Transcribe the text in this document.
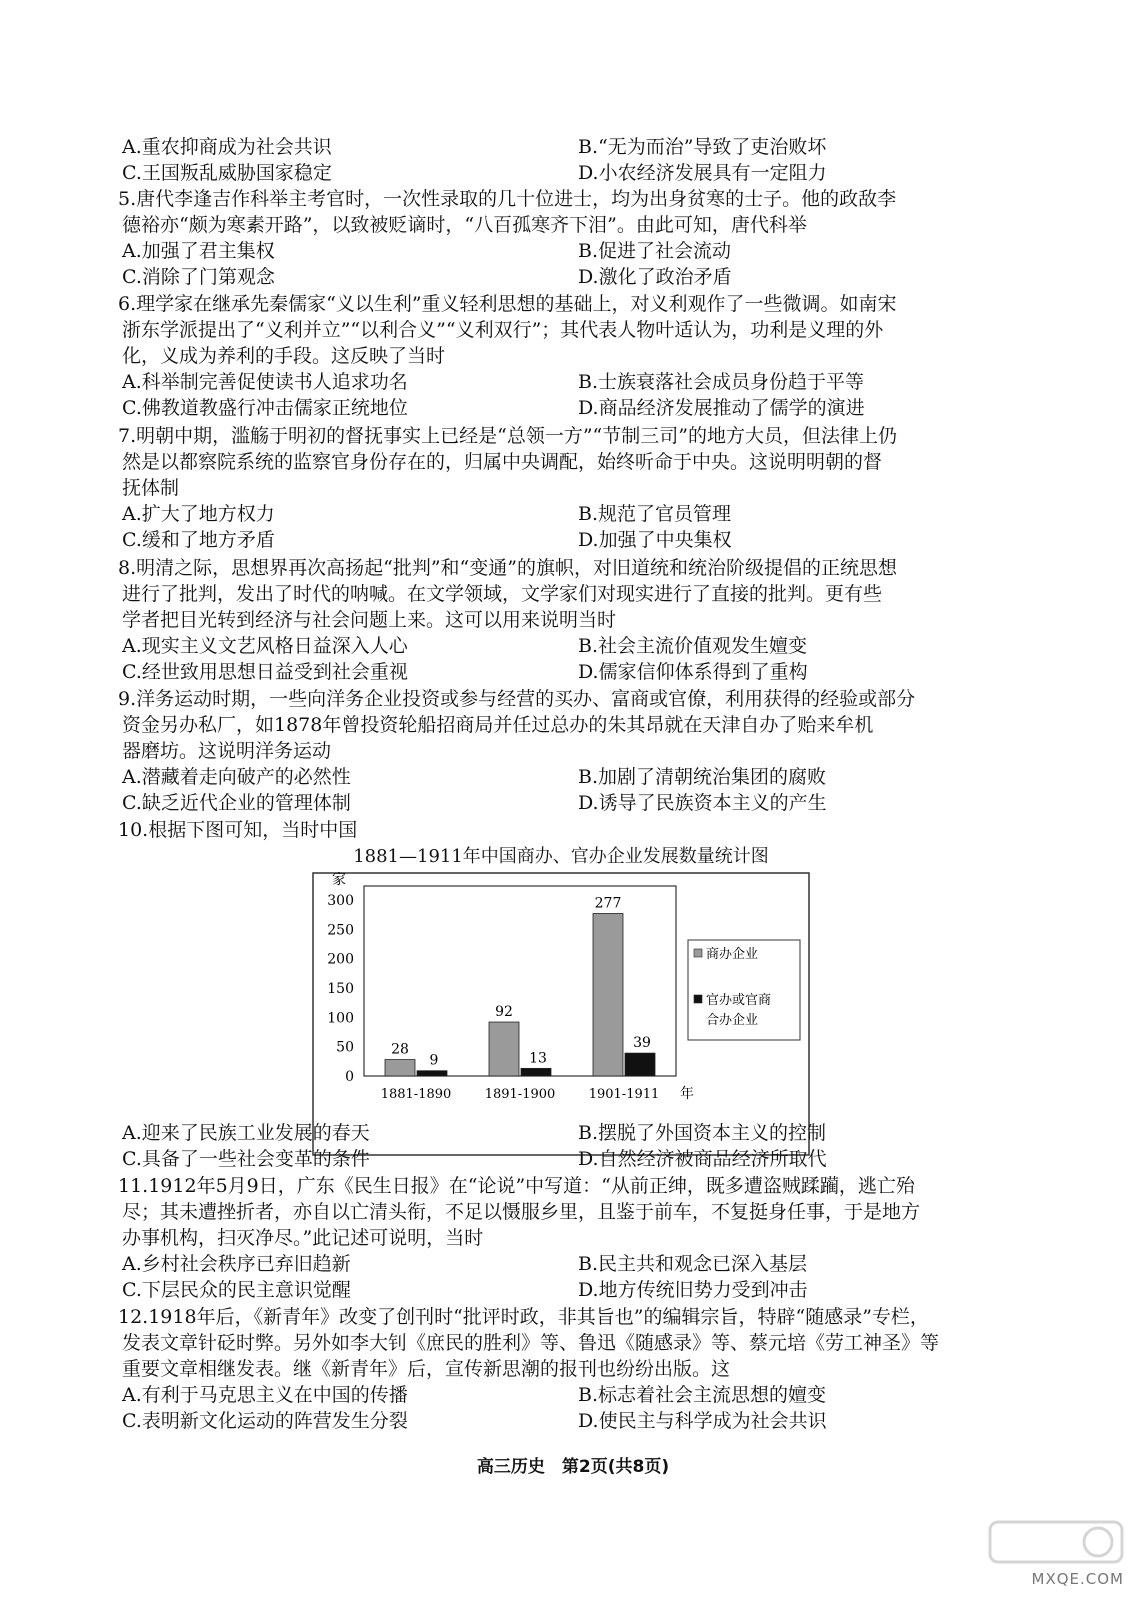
A.重农抑商成为社会共识	B.“无为而治”导致了吏治败坏
C.王国叛乱威胁国家稳定	D.小农经济发展具有一定阻力
5.唐代李逢吉作科举主考官时，一次性录取的几十位进士，均为出身贫寒的士子。他的政敌李
德裕亦“颇为寒素开路”，以致被贬谪时，“八百孤寒齐下泪”。由此可知，唐代科举
A.加强了君主集权	B.促进了社会流动
C.消除了门第观念	D.激化了政治矛盾
6.理学家在继承先秦儒家“义以生利”重义轻利思想的基础上，对义利观作了一些微调。如南宋
浙东学派提出了“义利并立”“以利合义”“义利双行”；其代表人物叶适认为，功利是义理的外
化，义成为养利的手段。这反映了当时
A.科举制完善促使读书人追求功名	B.士族衰落社会成员身份趋于平等
C.佛教道教盛行冲击儒家正统地位	D.商品经济发展推动了儒学的演进
7.明朝中期，滥觞于明初的督抚事实上已经是“总领一方”“节制三司”的地方大员，但法律上仍
然是以都察院系统的监察官身份存在的，归属中央调配，始终听命于中央。这说明明朝的督
抚体制
A.扩大了地方权力	B.规范了官员管理
C.缓和了地方矛盾	D.加强了中央集权
8.明清之际，思想界再次高扬起“批判”和“变通”的旗帜，对旧道统和统治阶级提倡的正统思想
进行了批判，发出了时代的呐喊。在文学领域，文学家们对现实进行了直接的批判。更有些
学者把目光转到经济与社会问题上来。这可以用来说明当时
A.现实主义文艺风格日益深入人心	B.社会主流价值观发生嬗变
C.经世致用思想日益受到社会重视	D.儒家信仰体系得到了重构
9.洋务运动时期，一些向洋务企业投资或参与经营的买办、富商或官僚，利用获得的经验或部分
资金另办私厂，如1878年曾投资轮船招商局并任过总办的朱其昂就在天津自办了贻来牟机
器磨坊。这说明洋务运动
A.潜藏着走向破产的必然性	B.加剧了清朝统治集团的腐败
C.缺乏近代企业的管理体制	D.诱导了民族资本主义的产生
10.根据下图可知，当时中国
1881—1911年中国商办、官办企业发展数量统计图
家
0
50
100
150
200
250
300
28
9
1881-1890
92
13
1891-1900
277
39
1901-1911 年
商办企业
官办或官商
合办企业
A.迎来了民族工业发展的春天	B.摆脱了外国资本主义的控制
C.具备了一些社会变革的条件	D.自然经济被商品经济所取代
11.1912年5月9日，广东《民生日报》在“论说”中写道：“从前正绅，既多遭盗贼蹂躏，逃亡殆
尽；其未遭挫折者，亦自以亡清头衔，不足以慑服乡里，且鉴于前车，不复挺身任事，于是地方
办事机构，扫灭净尽。”此记述可说明，当时
A.乡村社会秩序已弃旧趋新	B.民主共和观念已深入基层
C.下层民众的民主意识觉醒	D.地方传统旧势力受到冲击
12.1918年后，《新青年》改变了创刊时“批评时政，非其旨也”的编辑宗旨，特辟“随感录”专栏，
发表文章针砭时弊。另外如李大钊《庶民的胜利》等、鲁迅《随感录》等、蔡元培《劳工神圣》等
重要文章相继发表。继《新青年》后，宣传新思潮的报刊也纷纷出版。这
A.有利于马克思主义在中国的传播	B.标志着社会主流思想的嬗变
C.表明新文化运动的阵营发生分裂	D.使民主与科学成为社会共识
高三历史　第2页(共8页)
MXQE.COM
